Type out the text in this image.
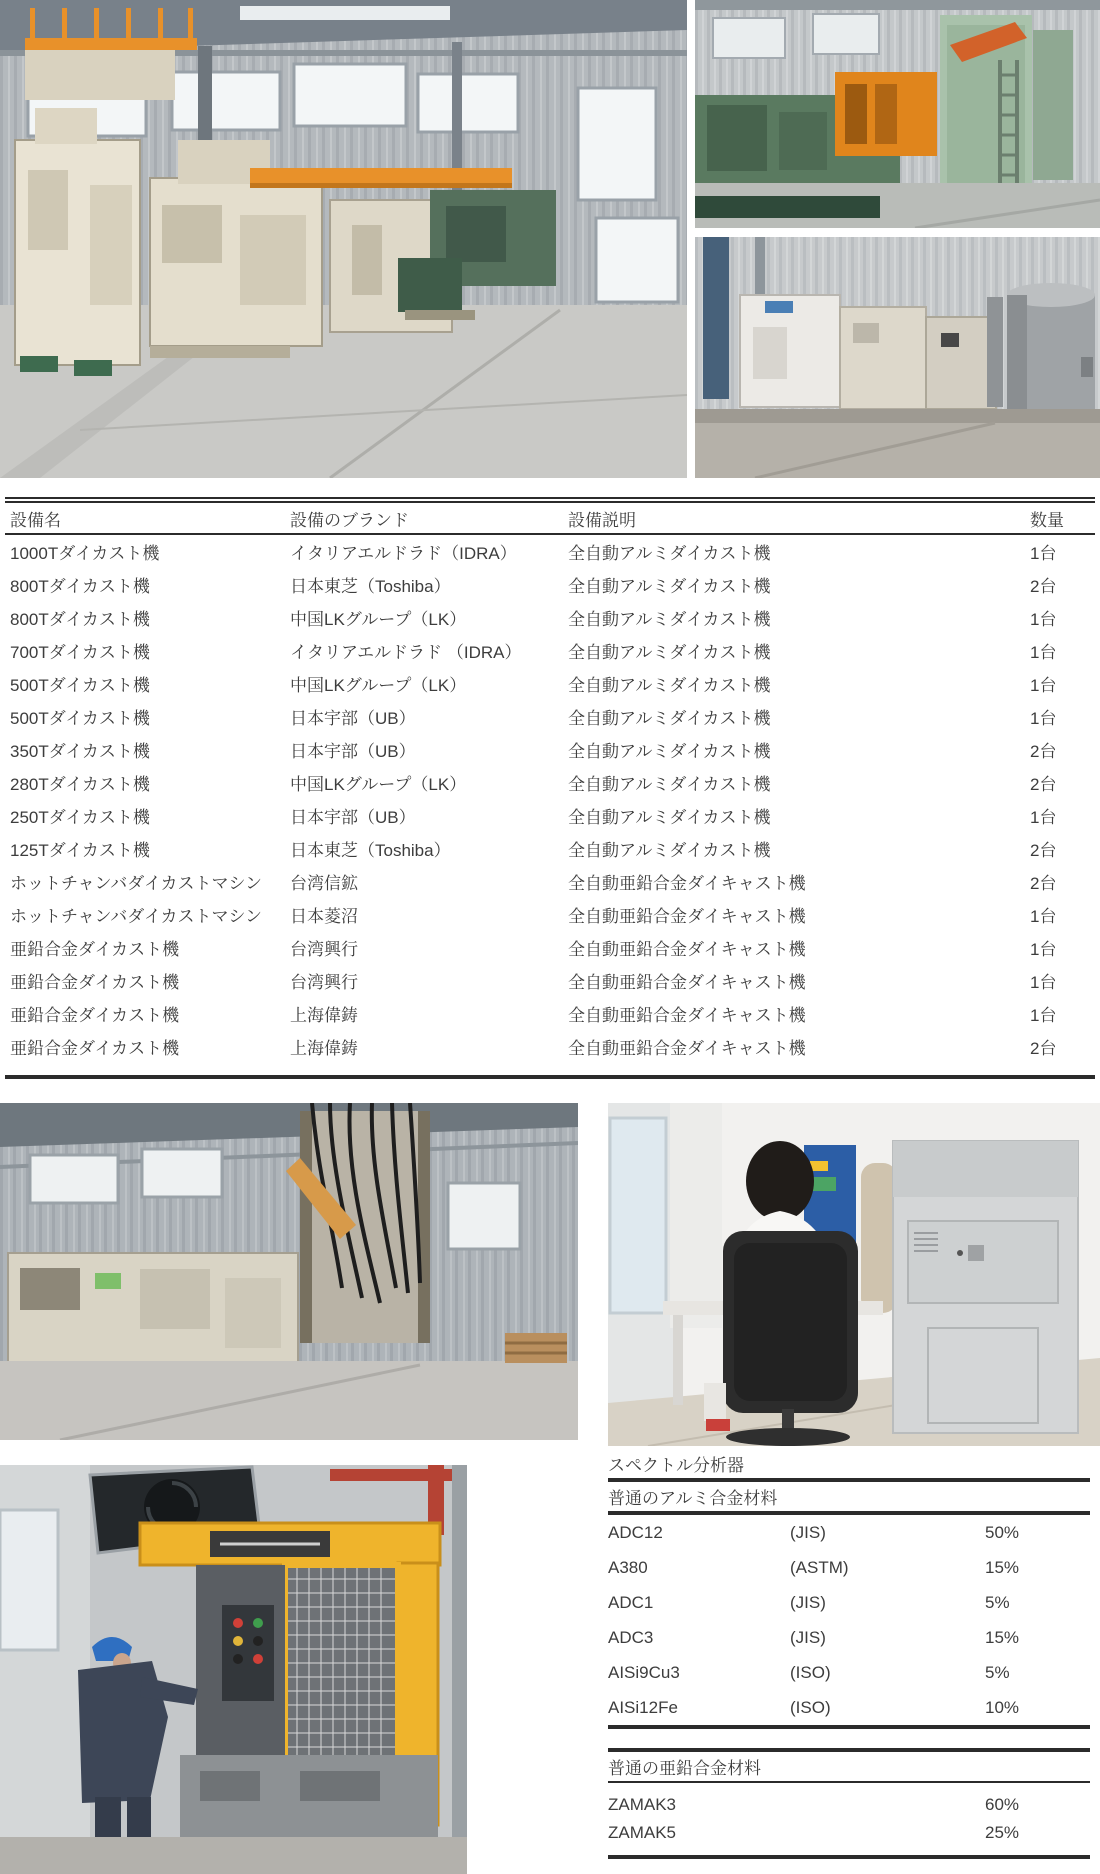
設備名	設備のブランド	設備説明	数量
1000Tダイカスト機	イタリアエルドラド（IDRA）	全自動アルミダイカスト機	1台
800Tダイカスト機	日本東芝（Toshiba）	全自動アルミダイカスト機	2台
800Tダイカスト機	中国LKグループ（LK）	全自動アルミダイカスト機	1台
700Tダイカスト機	イタリアエルドラド （IDRA）	全自動アルミダイカスト機	1台
500Tダイカスト機	中国LKグループ（LK）	全自動アルミダイカスト機	1台
500Tダイカスト機	日本宇部（UB）	全自動アルミダイカスト機	1台
350Tダイカスト機	日本宇部（UB）	全自動アルミダイカスト機	2台
280Tダイカスト機	中国LKグループ（LK）	全自動アルミダイカスト機	2台
250Tダイカスト機	日本宇部（UB）	全自動アルミダイカスト機	1台
125Tダイカスト機	日本東芝（Toshiba）	全自動アルミダイカスト機	2台
ホットチャンバダイカストマシン	台湾信鉱	全自動亜鉛合金ダイキャスト機	2台
ホットチャンバダイカストマシン	日本菱沼	全自動亜鉛合金ダイキャスト機	1台
亜鉛合金ダイカスト機	台湾興行	全自動亜鉛合金ダイキャスト機	1台
亜鉛合金ダイカスト機	台湾興行	全自動亜鉛合金ダイキャスト機	1台
亜鉛合金ダイカスト機	上海偉鋳	全自動亜鉛合金ダイキャスト機	1台
亜鉛合金ダイカスト機	上海偉鋳	全自動亜鉛合金ダイキャスト機	2台
スペクトル分析器
普通のアルミ合金材料
ADC12	(JIS)	50%
A380	(ASTM)	15%
ADC1	(JIS)	5%
ADC3	(JIS)	15%
AISi9Cu3	(ISO)	5%
AISi12Fe	(ISO)	10%
普通の亜鉛合金材料
ZAMAK3	60%
ZAMAK5	25%
